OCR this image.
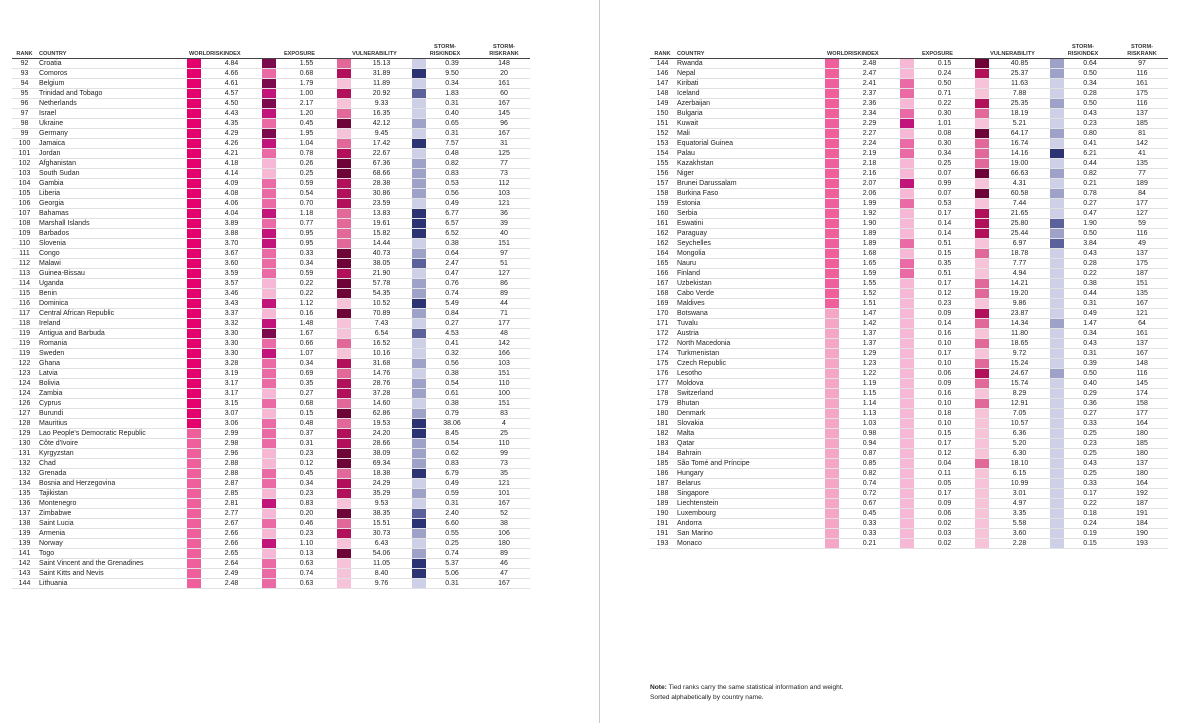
RANK	COUNTRY	WORLDRISKINDEX		EXPOSURE		VULNERABILITY		STORM-
RISKINDEX		STORM-
RISKRANK
92	Croatia		4.84		1.55		15.13		0.39	148
93	Comoros		4.66		0.68		31.89		9.50	20
94	Belgium		4.61		1.79		11.89		0.34	161
95	Trinidad and Tobago		4.57		1.00		20.92		1.83	60
96	Netherlands		4.50		2.17		9.33		0.31	167
97	Israel		4.43		1.20		16.35		0.40	145
98	Ukraine		4.35		0.45		42.12		0.65	96
99	Germany		4.29		1.95		9.45		0.31	167
100	Jamaica		4.26		1.04		17.42		7.57	31
101	Jordan		4.21		0.78		22.67		0.48	125
102	Afghanistan		4.18		0.26		67.36		0.82	77
103	South Sudan		4.14		0.25		68.66		0.83	73
104	Gambia		4.09		0.59		28.38		0.53	112
105	Liberia		4.08		0.54		30.86		0.56	103
106	Georgia		4.06		0.70		23.59		0.49	121
107	Bahamas		4.04		1.18		13.83		6.77	36
108	Marshall Islands		3.89		0.77		19.61		6.57	39
109	Barbados		3.88		0.95		15.82		6.52	40
110	Slovenia		3.70		0.95		14.44		0.38	151
111	Congo		3.67		0.33		40.73		0.64	97
112	Malawi		3.60		0.34		38.05		2.47	51
113	Guinea-Bissau		3.59		0.59		21.90		0.47	127
114	Uganda		3.57		0.22		57.78		0.76	86
115	Benin		3.46		0.22		54.35		0.74	89
116	Dominica		3.43		1.12		10.52		5.49	44
117	Central African Republic		3.37		0.16		70.89		0.84	71
118	Ireland		3.32		1.48		7.43		0.27	177
119	Antigua and Barbuda		3.30		1.67		6.54		4.53	48
119	Romania		3.30		0.66		16.52		0.41	142
119	Sweden		3.30		1.07		10.16		0.32	166
122	Ghana		3.28		0.34		31.68		0.56	103
123	Latvia		3.19		0.69		14.76		0.38	151
124	Bolivia		3.17		0.35		28.76		0.54	110
124	Zambia		3.17		0.27		37.28		0.61	100
126	Cyprus		3.15		0.68		14.60		0.38	151
127	Burundi		3.07		0.15		62.86		0.79	83
128	Mauritius		3.06		0.48		19.53		38.06	4
129	Lao People's Democratic Republic		2.99		0.37		24.20		8.45	25
130	Côte d'Ivoire		2.98		0.31		28.66		0.54	110
131	Kyrgyzstan		2.96		0.23		38.09		0.62	99
132	Chad		2.88		0.12		69.34		0.83	73
132	Grenada		2.88		0.45		18.38		6.79	35
134	Bosnia and Herzegovina		2.87		0.34		24.29		0.49	121
135	Tajikistan		2.85		0.23		35.29		0.59	101
136	Montenegro		2.81		0.83		9.53		0.31	167
137	Zimbabwe		2.77		0.20		38.35		2.40	52
138	Saint Lucia		2.67		0.46		15.51		6.60	38
139	Armenia		2.66		0.23		30.73		0.55	106
139	Norway		2.66		1.10		6.43		0.25	180
141	Togo		2.65		0.13		54.06		0.74	89
142	Saint Vincent and the Grenadines		2.64		0.63		11.05		5.37	46
143	Saint Kitts and Nevis		2.49		0.74		8.40		5.06	47
144	Lithuania		2.48		0.63		9.76		0.31	167
RANK	COUNTRY	WORLDRISKINDEX		EXPOSURE		VULNERABILITY		STORM-
RISKINDEX		STORM-
RISKRANK
144	Rwanda		2.48		0.15		40.85		0.64	97
146	Nepal		2.47		0.24		25.37		0.50	116
147	Kiribati		2.41		0.50		11.63		0.34	161
148	Iceland		2.37		0.71		7.88		0.28	175
149	Azerbaijan		2.36		0.22		25.35		0.50	116
150	Bulgaria		2.34		0.30		18.19		0.43	137
151	Kuwait		2.29		1.01		5.21		0.23	185
152	Mali		2.27		0.08		64.17		0.80	81
153	Equatorial Guinea		2.24		0.30		16.74		0.41	142
154	Palau		2.19		0.34		14.16		6.21	41
155	Kazakhstan		2.18		0.25		19.00		0.44	135
156	Niger		2.16		0.07		66.63		0.82	77
157	Brunei Darussalam		2.07		0.99		4.31		0.21	189
158	Burkina Faso		2.06		0.07		60.58		0.78	84
159	Estonia		1.99		0.53		7.44		0.27	177
160	Serbia		1.92		0.17		21.65		0.47	127
161	Eswatini		1.90		0.14		25.80		1.90	59
162	Paraguay		1.89		0.14		25.44		0.50	116
162	Seychelles		1.89		0.51		6.97		3.84	49
164	Mongolia		1.68		0.15		18.78		0.43	137
165	Nauru		1.65		0.35		7.77		0.28	175
166	Finland		1.59		0.51		4.94		0.22	187
167	Uzbekistan		1.55		0.17		14.21		0.38	151
168	Cabo Verde		1.52		0.12		19.20		0.44	135
169	Maldives		1.51		0.23		9.86		0.31	167
170	Botswana		1.47		0.09		23.87		0.49	121
171	Tuvalu		1.42		0.14		14.34		1.47	64
172	Austria		1.37		0.16		11.80		0.34	161
172	North Macedonia		1.37		0.10		18.65		0.43	137
174	Turkmenistan		1.29		0.17		9.72		0.31	167
175	Czech Republic		1.23		0.10		15.24		0.39	148
176	Lesotho		1.22		0.06		24.67		0.50	116
177	Moldova		1.19		0.09		15.74		0.40	145
178	Switzerland		1.15		0.16		8.29		0.29	174
179	Bhutan		1.14		0.10		12.91		0.36	158
180	Denmark		1.13		0.18		7.05		0.27	177
181	Slovakia		1.03		0.10		10.57		0.33	164
182	Malta		0.98		0.15		6.36		0.25	180
183	Qatar		0.94		0.17		5.20		0.23	185
184	Bahrain		0.87		0.12		6.30		0.25	180
185	São Tomé and Príncipe		0.85		0.04		18.10		0.43	137
186	Hungary		0.82		0.11		6.15		0.25	180
187	Belarus		0.74		0.05		10.99		0.33	164
188	Singapore		0.72		0.17		3.01		0.17	192
189	Liechtenstein		0.67		0.09		4.97		0.22	187
190	Luxembourg		0.45		0.06		3.35		0.18	191
191	Andorra		0.33		0.02		5.58		0.24	184
191	San Marino		0.33		0.03		3.60		0.19	190
193	Monaco		0.21		0.02		2.28		0.15	193
Note: Tied ranks carry the same statistical information and weight.
Sorted alphabetically by country name.
